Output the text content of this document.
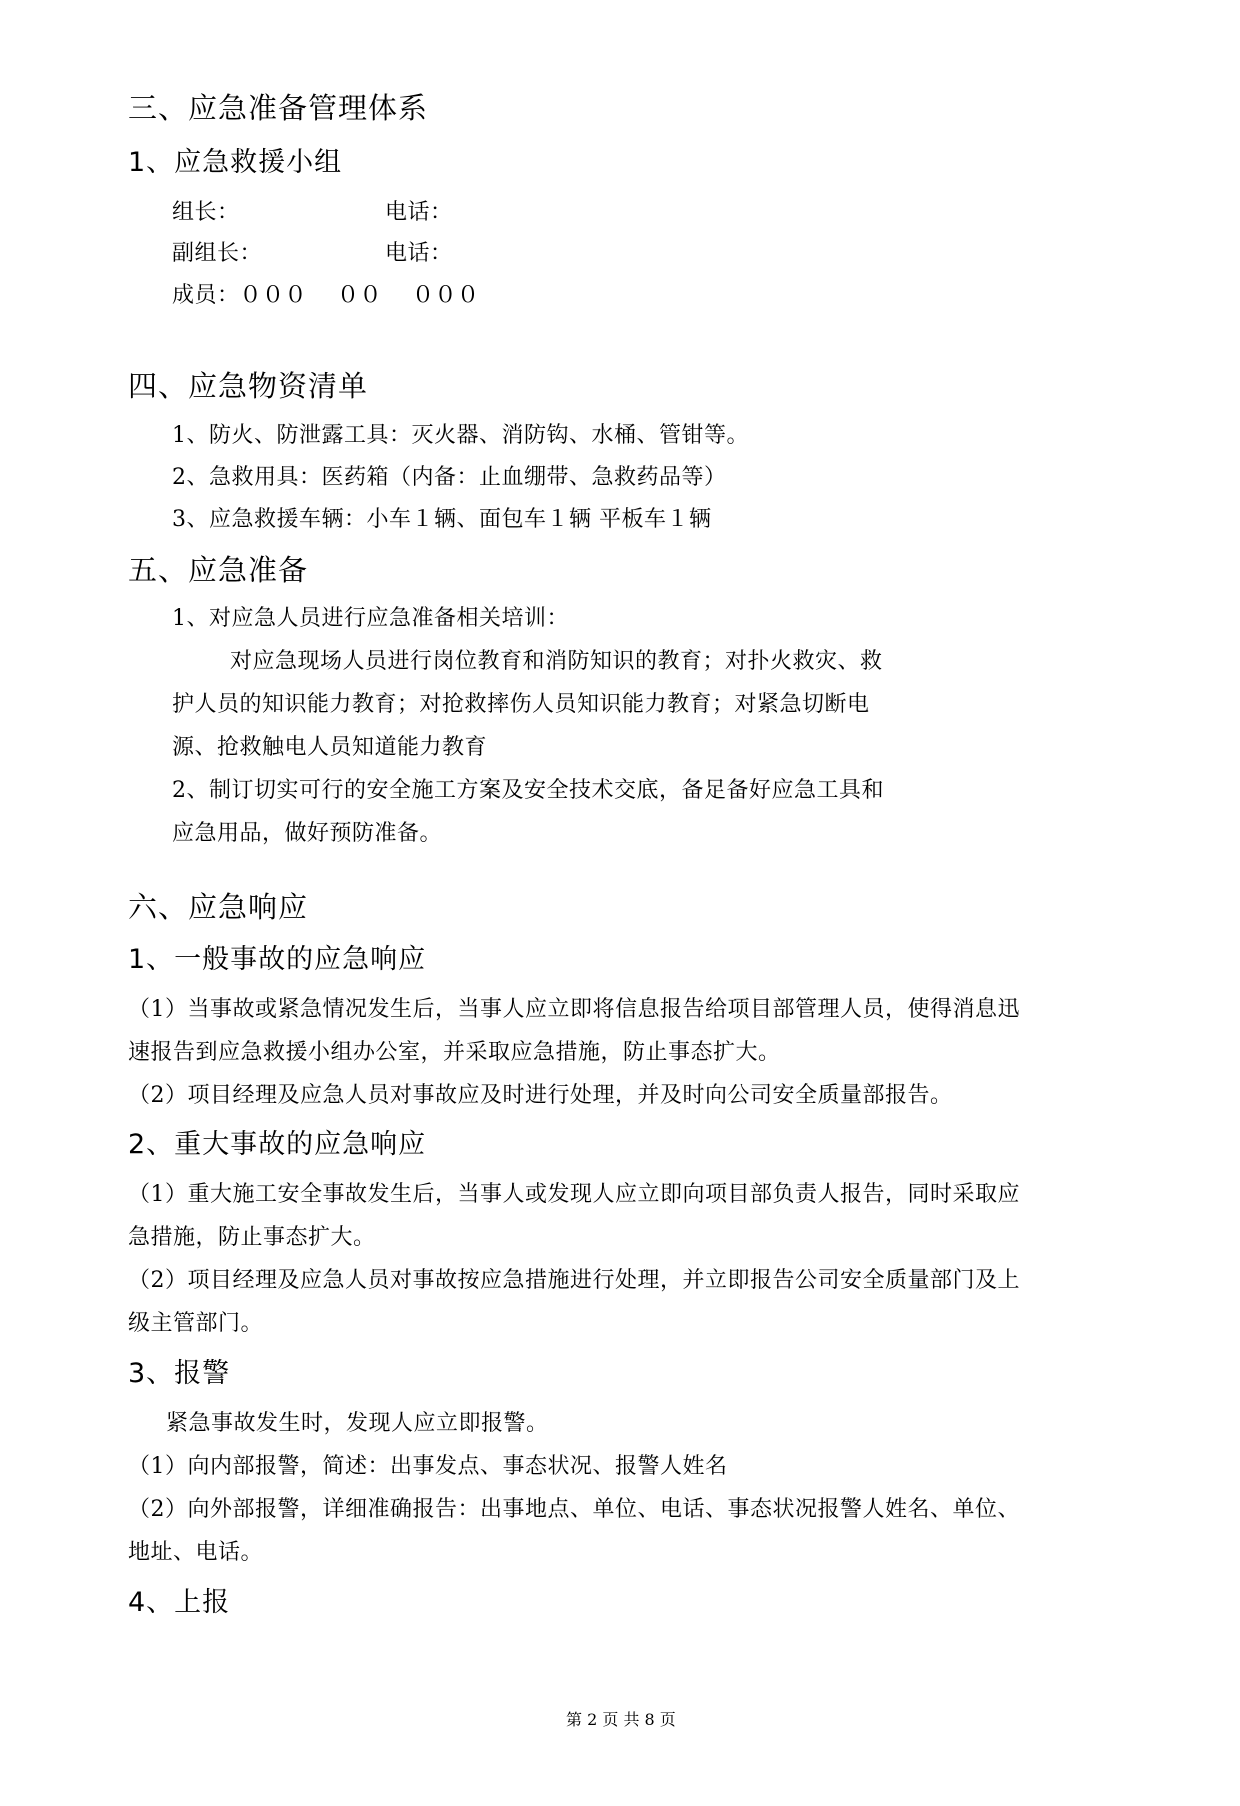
三、应急准备管理体系
1、应急救援小组
组长：	电话：
副组长：	电话：
成员：０００　 ００　 ０００
四、应急物资清单
1、防火、防泄露工具：灭火器、消防钩、水桶、管钳等。
2、急救用具：医药箱（内备：止血绷带、急救药品等）
3、应急救援车辆：小车１辆、面包车１辆 平板车１辆
五、应急准备
1、对应急人员进行应急准备相关培训：
对应急现场人员进行岗位教育和消防知识的教育；对扑火救灾、救
护人员的知识能力教育；对抢救摔伤人员知识能力教育；对紧急切断电
源、抢救触电人员知道能力教育
2、制订切实可行的安全施工方案及安全技术交底，备足备好应急工具和
应急用品，做好预防准备。
六、应急响应
1、一般事故的应急响应
（1）当事故或紧急情况发生后，当事人应立即将信息报告给项目部管理人员，使得消息迅
速报告到应急救援小组办公室，并采取应急措施，防止事态扩大。
（2）项目经理及应急人员对事故应及时进行处理，并及时向公司安全质量部报告。
2、重大事故的应急响应
（1）重大施工安全事故发生后，当事人或发现人应立即向项目部负责人报告，同时采取应
急措施，防止事态扩大。
（2）项目经理及应急人员对事故按应急措施进行处理，并立即报告公司安全质量部门及上
级主管部门。
3、报警
紧急事故发生时，发现人应立即报警。
（1）向内部报警，简述：出事发点、事态状况、报警人姓名
（2）向外部报警，详细准确报告：出事地点、单位、电话、事态状况报警人姓名、单位、
地址、电话。
4、上报
第 2 页 共 8 页
